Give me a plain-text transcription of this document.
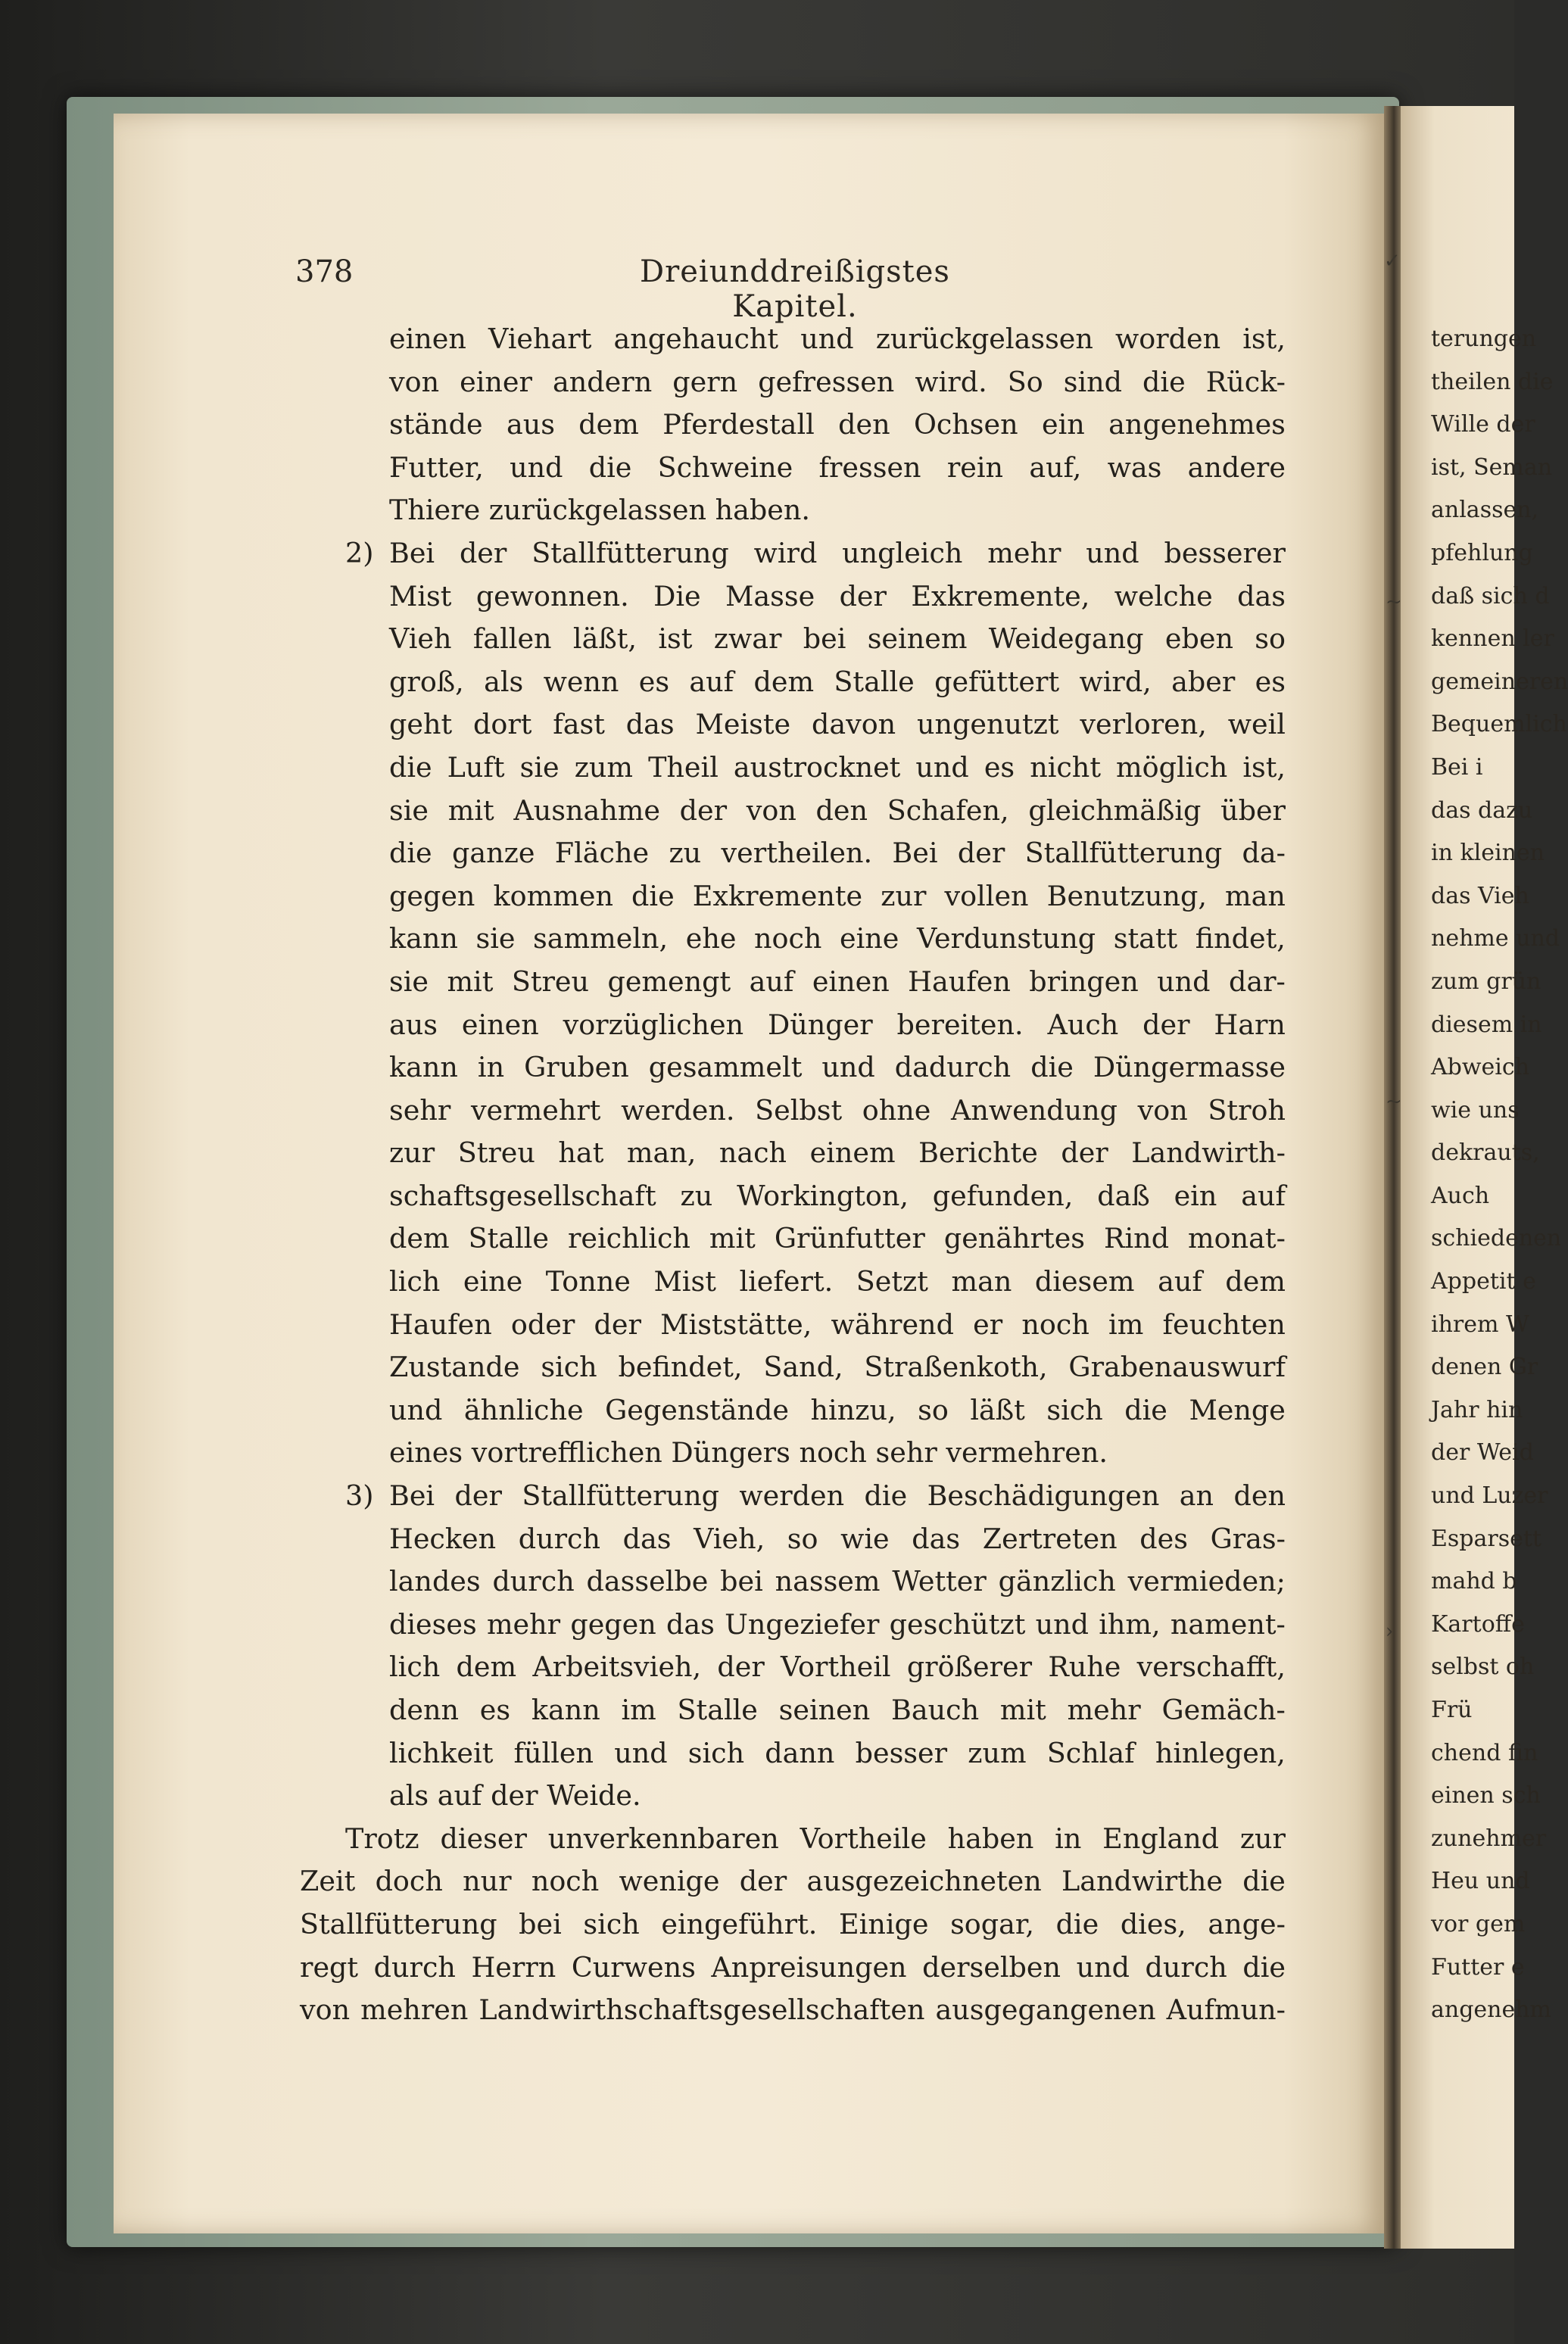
378	Dreiunddreißigstes Kapitel.
einen Viehart angehaucht und zurückgelassen worden ist,
von einer andern gern gefressen wird. So sind die Rück-
stände aus dem Pferdestall den Ochsen ein angenehmes
Futter, und die Schweine fressen rein auf, was andere
Thiere zurückgelassen haben.
2) Bei der Stallfütterung wird ungleich mehr und besserer
Mist gewonnen. Die Masse der Exkremente, welche das
Vieh fallen läßt, ist zwar bei seinem Weidegang eben so
groß, als wenn es auf dem Stalle gefüttert wird, aber es
geht dort fast das Meiste davon ungenutzt verloren, weil
die Luft sie zum Theil austrocknet und es nicht möglich ist,
sie mit Ausnahme der von den Schafen, gleichmäßig über
die ganze Fläche zu vertheilen. Bei der Stallfütterung da-
gegen kommen die Exkremente zur vollen Benutzung, man
kann sie sammeln, ehe noch eine Verdunstung statt findet,
sie mit Streu gemengt auf einen Haufen bringen und dar-
aus einen vorzüglichen Dünger bereiten. Auch der Harn
kann in Gruben gesammelt und dadurch die Düngermasse
sehr vermehrt werden. Selbst ohne Anwendung von Stroh
zur Streu hat man, nach einem Berichte der Landwirth-
schaftsgesellschaft zu Workington, gefunden, daß ein auf
dem Stalle reichlich mit Grünfutter genährtes Rind monat-
lich eine Tonne Mist liefert. Setzt man diesem auf dem
Haufen oder der Miststätte, während er noch im feuchten
Zustande sich befindet, Sand, Straßenkoth, Grabenauswurf
und ähnliche Gegenstände hinzu, so läßt sich die Menge
eines vortrefflichen Düngers noch sehr vermehren.
3) Bei der Stallfütterung werden die Beschädigungen an den
Hecken durch das Vieh, so wie das Zertreten des Gras-
landes durch dasselbe bei nassem Wetter gänzlich vermieden;
dieses mehr gegen das Ungeziefer geschützt und ihm, nament-
lich dem Arbeitsvieh, der Vortheil größerer Ruhe verschafft,
denn es kann im Stalle seinen Bauch mit mehr Gemäch-
lichkeit füllen und sich dann besser zum Schlaf hinlegen,
als auf der Weide.
Trotz dieser unverkennbaren Vortheile haben in England zur
Zeit doch nur noch wenige der ausgezeichneten Landwirthe die
Stallfütterung bei sich eingeführt. Einige sogar, die dies, ange-
regt durch Herrn Curwens Anpreisungen derselben und durch die
von mehren Landwirthschaftsgesellschaften ausgegangenen Aufmun-
terungen
theilen die
Wille der
ist, Seman
anlassen,
pfehlung
daß sich d
kennen ler
gemeineren
Bequemlich
Bei i
das dazu
in kleinen
das Vieh
nehme und
zum grün
diesem in
Abweich
wie uns
dekrauts,
Auch
schiedenen
Appetit e
ihrem W
denen Gr
Jahr hin
der Weid
und Luzer
Esparsett
mahd b
Kartoffe
selbst oh
Frü
chend fin
einen sch
zunehmer
Heu und
vor gem
Futter e
angenehm
✓
~
~
›
